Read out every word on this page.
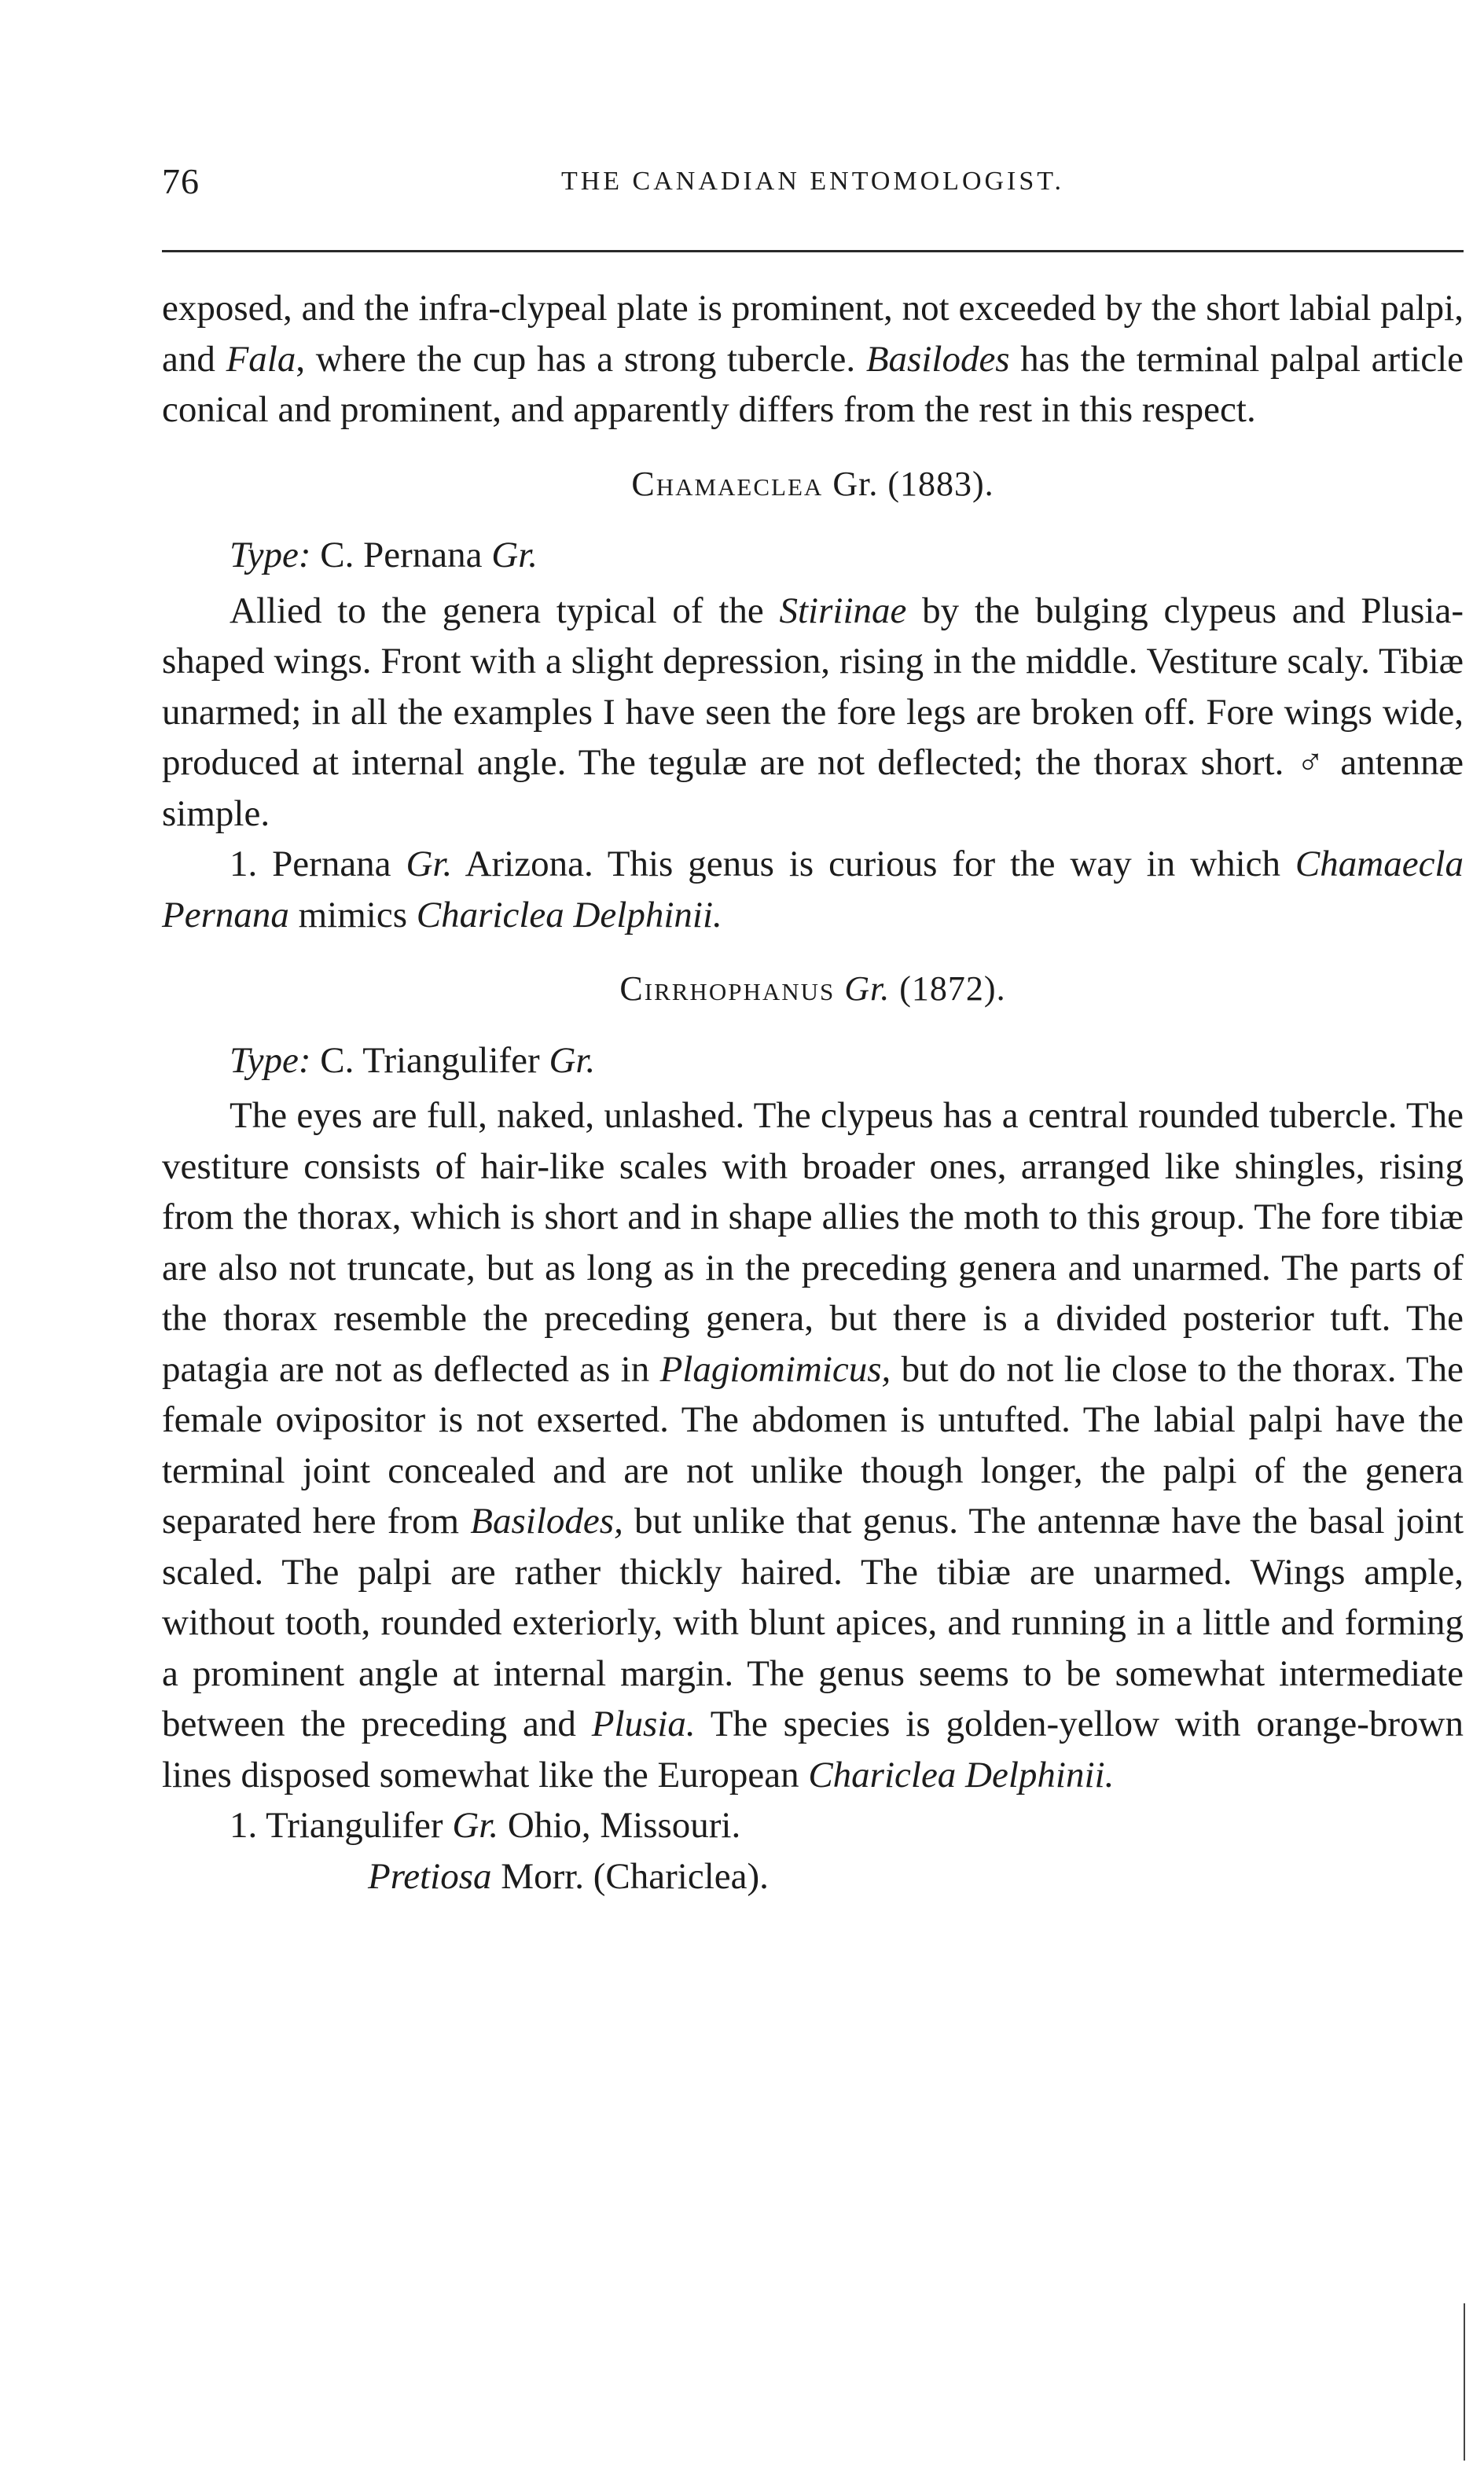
76	THE CANADIAN ENTOMOLOGIST.

exposed, and the infra-clypeal plate is prominent, not exceeded by the short labial palpi, and Fala, where the cup has a strong tubercle. Basilodes has the terminal palpal article conical and prominent, and apparently differs from the rest in this respect.

Chamaeclea Gr. (1883).

Type: C. Pernana Gr.

Allied to the genera typical of the Stiriinae by the bulging clypeus and Plusia-shaped wings. Front with a slight depression, rising in the middle. Vestiture scaly. Tibiæ unarmed; in all the examples I have seen the fore legs are broken off. Fore wings wide, produced at internal angle. The tegulæ are not deflected; the thorax short. ♂ antennæ simple.

1. Pernana Gr. Arizona. This genus is curious for the way in which Chamaecla Pernana mimics Chariclea Delphinii.

Cirrhophanus Gr. (1872).

Type: C. Triangulifer Gr.

The eyes are full, naked, unlashed. The clypeus has a central rounded tubercle. The vestiture consists of hair-like scales with broader ones, arranged like shingles, rising from the thorax, which is short and in shape allies the moth to this group. The fore tibiæ are also not truncate, but as long as in the preceding genera and unarmed. The parts of the thorax resemble the preceding genera, but there is a divided posterior tuft. The patagia are not as deflected as in Plagiomimicus, but do not lie close to the thorax. The female ovipositor is not exserted. The abdomen is untufted. The labial palpi have the terminal joint concealed and are not unlike though longer, the palpi of the genera separated here from Basilodes, but unlike that genus. The antennæ have the basal joint scaled. The palpi are rather thickly haired. The tibiæ are unarmed. Wings ample, without tooth, rounded exteriorly, with blunt apices, and running in a little and forming a prominent angle at internal margin. The genus seems to be somewhat intermediate between the preceding and Plusia. The species is golden-yellow with orange-brown lines disposed somewhat like the European Chariclea Delphinii.

1. Triangulifer Gr. Ohio, Missouri.

Pretiosa Morr. (Chariclea).
